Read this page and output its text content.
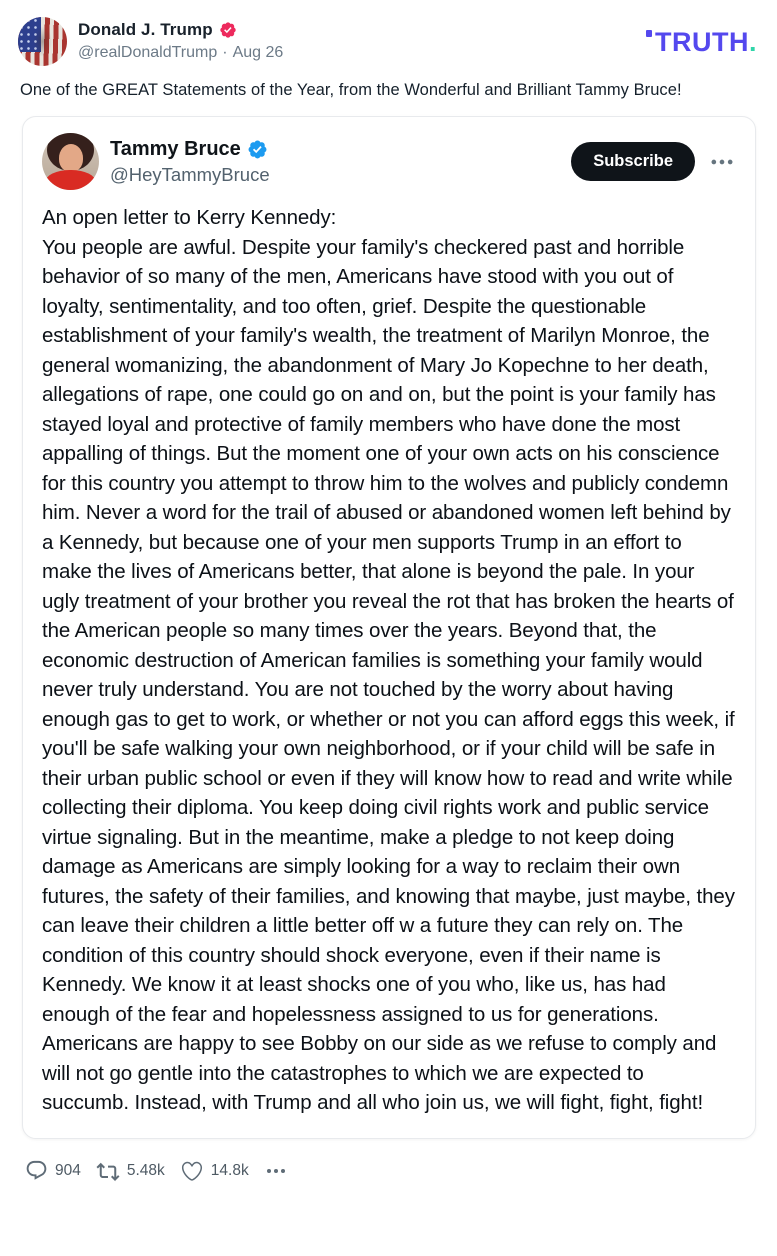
Donald J. Trump
@realDonaldTrump · Aug 26	TRUTH .

One of the GREAT Statements of the Year, from the Wonderful and Brilliant Tammy Bruce!

Tammy Bruce
@HeyTammyBruce
Subscribe
An open letter to Kerry Kennedy:
You people are awful. Despite your family's checkered past and horrible behavior of so many of the men, Americans have stood with you out of loyalty, sentimentality, and too often, grief. Despite the questionable establishment of your family's wealth, the treatment of Marilyn Monroe, the general womanizing, the abandonment of Mary Jo Kopechne to her death, allegations of rape, one could go on and on, but the point is your family has stayed loyal and protective of family members who have done the most appalling of things. But the moment one of your own acts on his conscience for this country you attempt to throw him to the wolves and publicly condemn him. Never a word for the trail of abused or abandoned women left behind by a Kennedy, but because one of your men supports Trump in an effort to make the lives of Americans better, that alone is beyond the pale. In your ugly treatment of your brother you reveal the rot that has broken the hearts of the American people so many times over the years. Beyond that, the economic destruction of American families is something your family would never truly understand. You are not touched by the worry about having enough gas to get to work, or whether or not you can afford eggs this week, if you'll be safe walking your own neighborhood, or if your child will be safe in their urban public school or even if they will know how to read and write while collecting their diploma. You keep doing civil rights work and public service virtue signaling. But in the meantime, make a pledge to not keep doing damage as Americans are simply looking for a way to reclaim their own futures, the safety of their families, and knowing that maybe, just maybe, they can leave their children a little better off w a future they can rely on. The condition of this country should shock everyone, even if their name is Kennedy. We know it at least shocks one of you who, like us, has had enough of the fear and hopelessness assigned to us for generations. Americans are happy to see Bobby on our side as we refuse to comply and will not go gentle into the catastrophes to which we are expected to succumb. Instead, with Trump and all who join us, we will fight, fight, fight!
904	5.48k	14.8k
